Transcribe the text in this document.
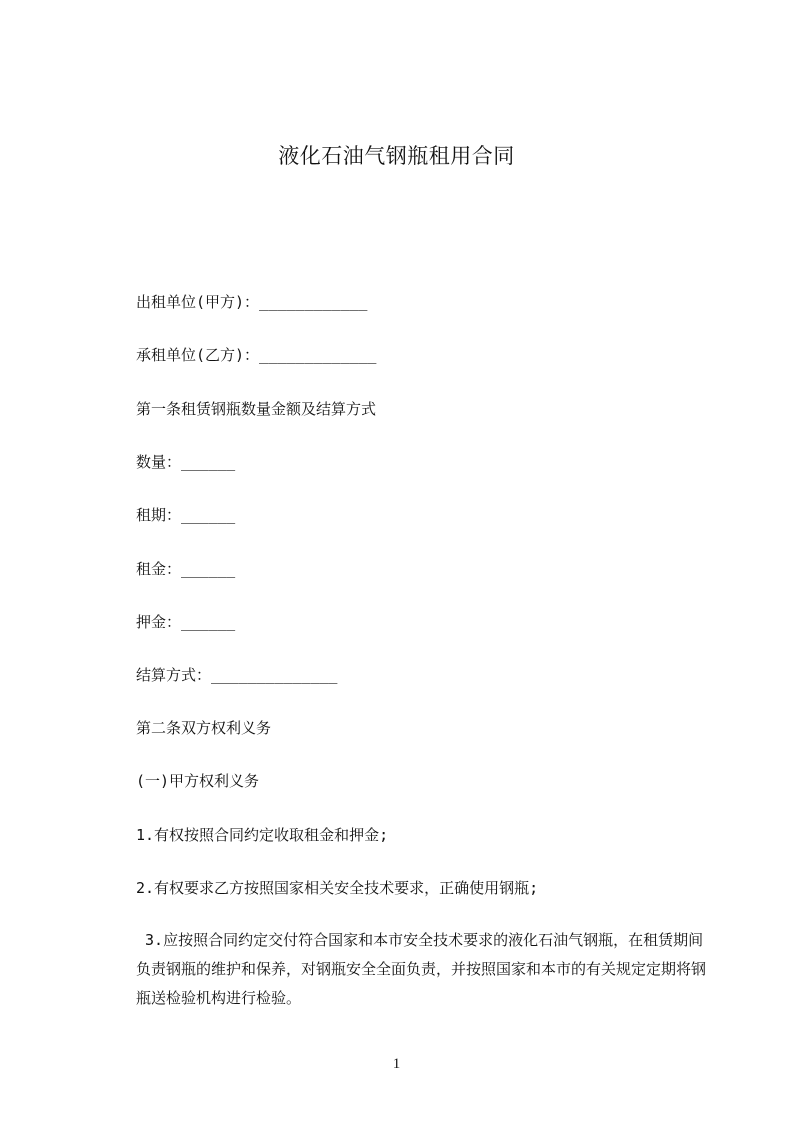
液化石油气钢瓶租用合同
出租单位(甲方)：____________
承租单位(乙方)：_____________
第一条租赁钢瓶数量金额及结算方式
数量：______
租期：______
租金：______
押金：______
结算方式：______________
第二条双方权利义务
(一)甲方权利义务
1.有权按照合同约定收取租金和押金;
2.有权要求乙方按照国家相关安全技术要求，正确使用钢瓶;
3.应按照合同约定交付符合国家和本市安全技术要求的液化石油气钢瓶，在租赁期间负责钢瓶的维护和保养，对钢瓶安全全面负责，并按照国家和本市的有关规定定期将钢瓶送检验机构进行检验。
1
